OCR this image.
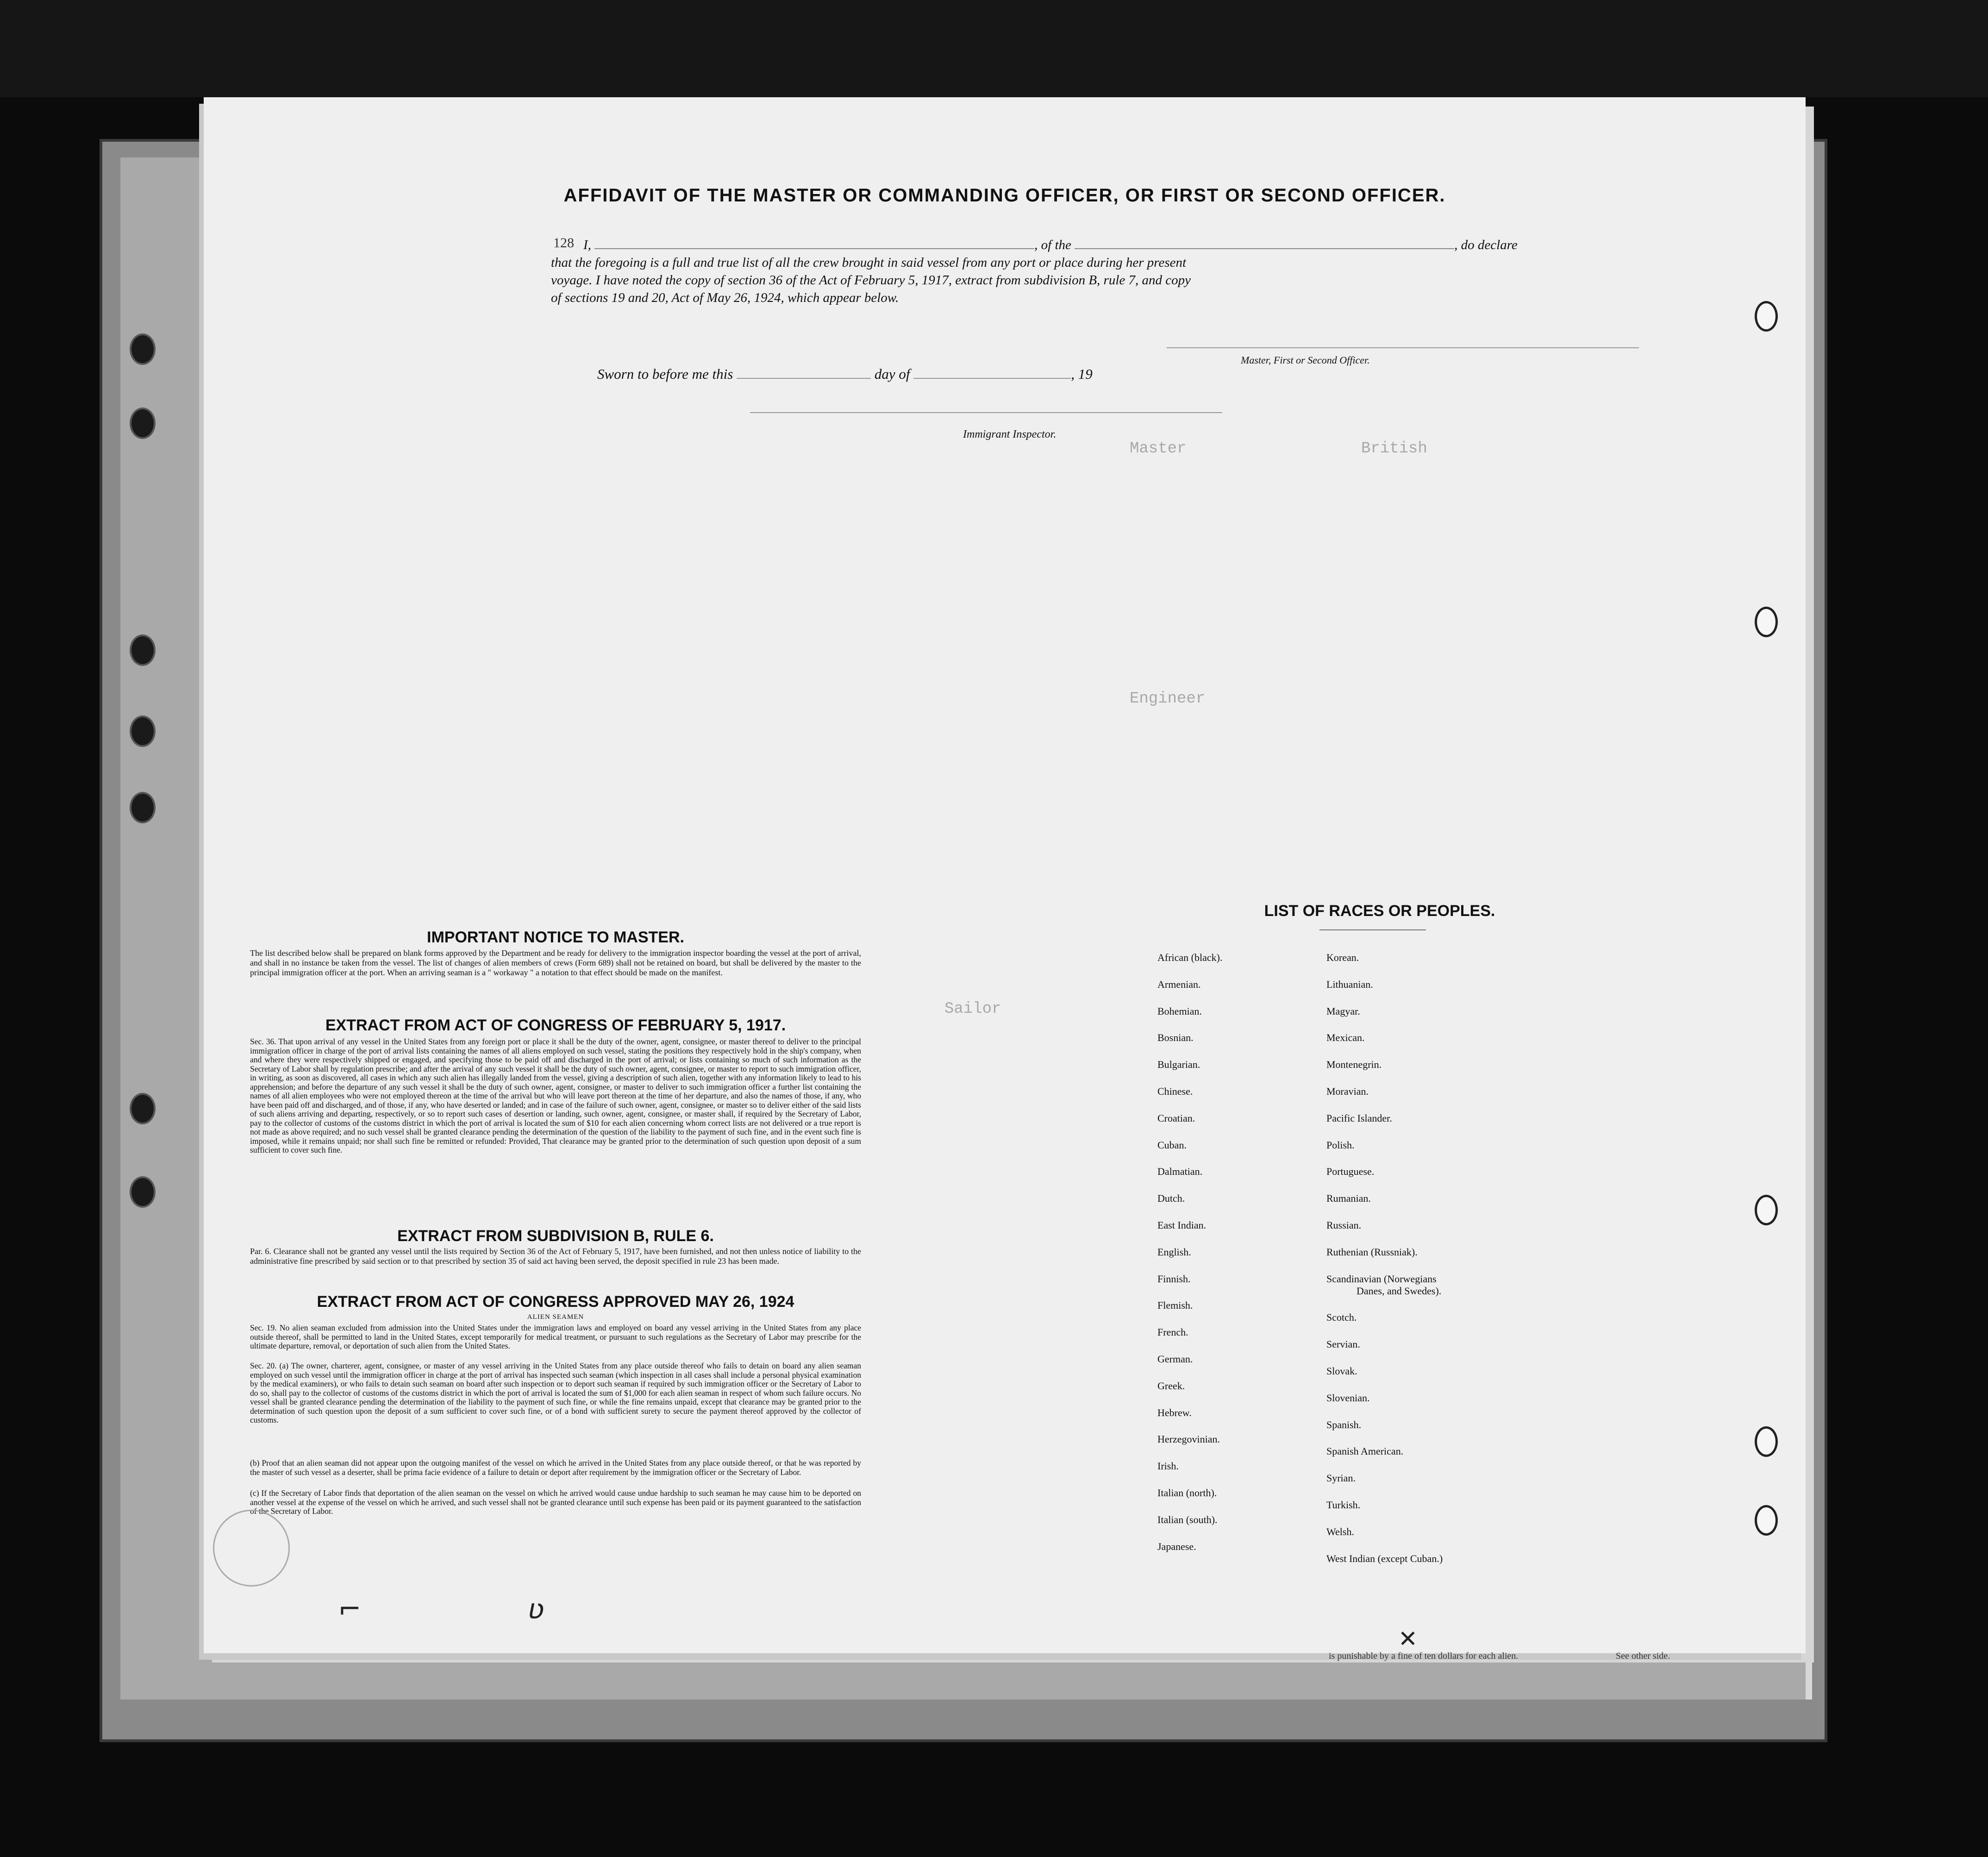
Master	British
Engineer
Sailor
AFFIDAVIT OF THE MASTER OR COMMANDING OFFICER, OR FIRST OR SECOND OFFICER.
128 I,	, of the	, do declare
that the foregoing is a full and true list of all the crew brought in said vessel from any port or place during her present
voyage. I have noted the copy of section 36 of the Act of February 5, 1917, extract from subdivision B, rule 7, and copy
of sections 19 and 20, Act of May 26, 1924, which appear below.
Master, First or Second Officer.
Sworn to before me this	day of	, 19
Immigrant Inspector.
IMPORTANT NOTICE TO MASTER.
The list described below shall be prepared on blank forms approved by the Department and be ready for delivery to the immigration inspector boarding the vessel at the port of arrival, and shall in no instance be taken from the vessel. The list of changes of alien members of crews (Form 689) shall not be retained on board, but shall be delivered by the master to the principal immigration officer at the port. When an arriving seaman is a " workaway " a notation to that effect should be made on the manifest.
EXTRACT FROM ACT OF CONGRESS OF FEBRUARY 5, 1917.
Sec. 36. That upon arrival of any vessel in the United States from any foreign port or place it shall be the duty of the owner, agent, consignee, or master thereof to deliver to the principal immigration officer in charge of the port of arrival lists containing the names of all aliens employed on such vessel, stating the positions they respectively hold in the ship's company, when and where they were respectively shipped or engaged, and specifying those to be paid off and discharged in the port of arrival; or lists containing so much of such information as the Secretary of Labor shall by regulation prescribe; and after the arrival of any such vessel it shall be the duty of such owner, agent, consignee, or master to report to such immigration officer, in writing, as soon as discovered, all cases in which any such alien has illegally landed from the vessel, giving a description of such alien, together with any information likely to lead to his apprehension; and before the departure of any such vessel it shall be the duty of such owner, agent, consignee, or master to deliver to such immigration officer a further list containing the names of all alien employees who were not employed thereon at the time of the arrival but who will leave port thereon at the time of her departure, and also the names of those, if any, who have been paid off and discharged, and of those, if any, who have deserted or landed; and in case of the failure of such owner, agent, consignee, or master so to deliver either of the said lists of such aliens arriving and departing, respectively, or so to report such cases of desertion or landing, such owner, agent, consignee, or master shall, if required by the Secretary of Labor, pay to the collector of customs of the customs district in which the port of arrival is located the sum of $10 for each alien concerning whom correct lists are not delivered or a true report is not made as above required; and no such vessel shall be granted clearance pending the determination of the question of the liability to the payment of such fine, and in the event such fine is imposed, while it remains unpaid; nor shall such fine be remitted or refunded: Provided, That clearance may be granted prior to the determination of such question upon deposit of a sum sufficient to cover such fine.
EXTRACT FROM SUBDIVISION B, RULE 6.
Par. 6. Clearance shall not be granted any vessel until the lists required by Section 36 of the Act of February 5, 1917, have been furnished, and not then unless notice of liability to the administrative fine prescribed by said section or to that prescribed by section 35 of said act having been served, the deposit specified in rule 23 has been made.
EXTRACT FROM ACT OF CONGRESS APPROVED MAY 26, 1924
ALIEN SEAMEN
Sec. 19. No alien seaman excluded from admission into the United States under the immigration laws and employed on board any vessel arriving in the United States from any place outside thereof, shall be permitted to land in the United States, except temporarily for medical treatment, or pursuant to such regulations as the Secretary of Labor may prescribe for the ultimate departure, removal, or deportation of such alien from the United States.
Sec. 20. (a) The owner, charterer, agent, consignee, or master of any vessel arriving in the United States from any place outside thereof who fails to detain on board any alien seaman employed on such vessel until the immigration officer in charge at the port of arrival has inspected such seaman (which inspection in all cases shall include a personal physical examination by the medical examiners), or who fails to detain such seaman on board after such inspection or to deport such seaman if required by such immigration officer or the Secretary of Labor to do so, shall pay to the collector of customs of the customs district in which the port of arrival is located the sum of $1,000 for each alien seaman in respect of whom such failure occurs. No vessel shall be granted clearance pending the determination of the liability to the payment of such fine, or while the fine remains unpaid, except that clearance may be granted prior to the determination of such question upon the deposit of a sum sufficient to cover such fine, or of a bond with sufficient surety to secure the payment thereof approved by the collector of customs.
(b) Proof that an alien seaman did not appear upon the outgoing manifest of the vessel on which he arrived in the United States from any place outside thereof, or that he was reported by the master of such vessel as a deserter, shall be prima facie evidence of a failure to detain or deport after requirement by the immigration officer or the Secretary of Labor.
(c) If the Secretary of Labor finds that deportation of the alien seaman on the vessel on which he arrived would cause undue hardship to such seaman he may cause him to be deported on another vessel at the expense of the vessel on which he arrived, and such vessel shall not be granted clearance until such expense has been paid or its payment guaranteed to the satisfaction of the Secretary of Labor.
LIST OF RACES OR PEOPLES.
African (black).
Armenian.
Bohemian.
Bosnian.
Bulgarian.
Chinese.
Croatian.
Cuban.
Dalmatian.
Dutch.
East Indian.
English.
Finnish.
Flemish.
French.
German.
Greek.
Hebrew.
Herzegovinian.
Irish.
Italian (north).
Italian (south).
Japanese.
Korean.
Lithuanian.
Magyar.
Mexican.
Montenegrin.
Moravian.
Pacific Islander.
Polish.
Portuguese.
Rumanian.
Russian.
Ruthenian (Russniak).
Scandinavian (Norwegians
Danes, and Swedes).
Scotch.
Servian.
Slovak.
Slovenian.
Spanish.
Spanish American.
Syrian.
Turkish.
Welsh.
West Indian (except Cuban.)
is punishable by a fine of ten dollars for each alien.	See other side.
⌐	ʋ
✕
